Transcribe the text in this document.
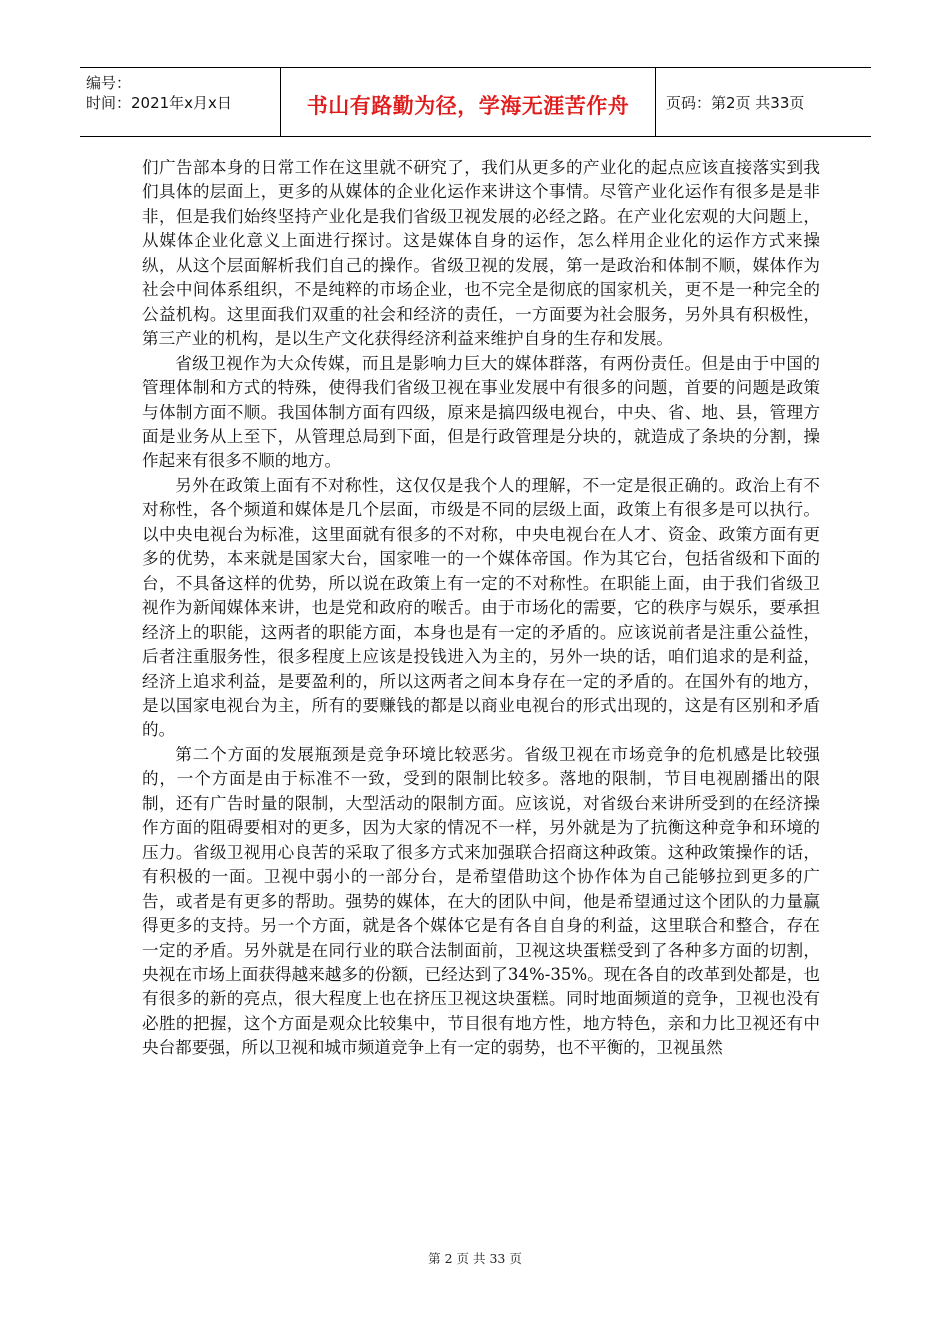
编号：
时间：2021年x月x日	书山有路勤为径，学海无涯苦作舟	页码：第2页 共33页

们广告部本身的日常工作在这里就不研究了，我们从更多的产业化的起点应该直接落实到我们具体的层面上，更多的从媒体的企业化运作来讲这个事情。尽管产业化运作有很多是是非非，但是我们始终坚持产业化是我们省级卫视发展的必经之路。在产业化宏观的大问题上，从媒体企业化意义上面进行探讨。这是媒体自身的运作，怎么样用企业化的运作方式来操纵，从这个层面解析我们自己的操作。省级卫视的发展，第一是政治和体制不顺，媒体作为社会中间体系组织，不是纯粹的市场企业，也不完全是彻底的国家机关，更不是一种完全的公益机构。这里面我们双重的社会和经济的责任，一方面要为社会服务，另外具有积极性，第三产业的机构，是以生产文化获得经济利益来维护自身的生存和发展。

省级卫视作为大众传媒，而且是影响力巨大的媒体群落，有两份责任。但是由于中国的管理体制和方式的特殊，使得我们省级卫视在事业发展中有很多的问题，首要的问题是政策与体制方面不顺。我国体制方面有四级，原来是搞四级电视台，中央、省、地、县，管理方面是业务从上至下，从管理总局到下面，但是行政管理是分块的，就造成了条块的分割，操作起来有很多不顺的地方。

另外在政策上面有不对称性，这仅仅是我个人的理解，不一定是很正确的。政治上有不对称性，各个频道和媒体是几个层面，市级是不同的层级上面，政策上有很多是可以执行。以中央电视台为标准，这里面就有很多的不对称，中央电视台在人才、资金、政策方面有更多的优势，本来就是国家大台，国家唯一的一个媒体帝国。作为其它台，包括省级和下面的台，不具备这样的优势，所以说在政策上有一定的不对称性。在职能上面，由于我们省级卫视作为新闻媒体来讲，也是党和政府的喉舌。由于市场化的需要，它的秩序与娱乐，要承担经济上的职能，这两者的职能方面，本身也是有一定的矛盾的。应该说前者是注重公益性，后者注重服务性，很多程度上应该是投钱进入为主的，另外一块的话，咱们追求的是利益，经济上追求利益，是要盈利的，所以这两者之间本身存在一定的矛盾的。在国外有的地方，是以国家电视台为主，所有的要赚钱的都是以商业电视台的形式出现的，这是有区别和矛盾的。

第二个方面的发展瓶颈是竞争环境比较恶劣。省级卫视在市场竞争的危机感是比较强的，一个方面是由于标准不一致，受到的限制比较多。落地的限制，节目电视剧播出的限制，还有广告时量的限制，大型活动的限制方面。应该说，对省级台来讲所受到的在经济操作方面的阻碍要相对的更多，因为大家的情况不一样，另外就是为了抗衡这种竞争和环境的压力。省级卫视用心良苦的采取了很多方式来加强联合招商这种政策。这种政策操作的话，有积极的一面。卫视中弱小的一部分台，是希望借助这个协作体为自己能够拉到更多的广告，或者是有更多的帮助。强势的媒体，在大的团队中间，他是希望通过这个团队的力量赢得更多的支持。另一个方面，就是各个媒体它是有各自自身的利益，这里联合和整合，存在一定的矛盾。另外就是在同行业的联合法制面前，卫视这块蛋糕受到了各种多方面的切割，央视在市场上面获得越来越多的份额，已经达到了34%-35%。现在各自的改革到处都是，也有很多的新的亮点，很大程度上也在挤压卫视这块蛋糕。同时地面频道的竞争，卫视也没有必胜的把握，这个方面是观众比较集中，节目很有地方性，地方特色，亲和力比卫视还有中央台都要强，所以卫视和城市频道竞争上有一定的弱势，也不平衡的，卫视虽然

第 2 页 共 33 页
